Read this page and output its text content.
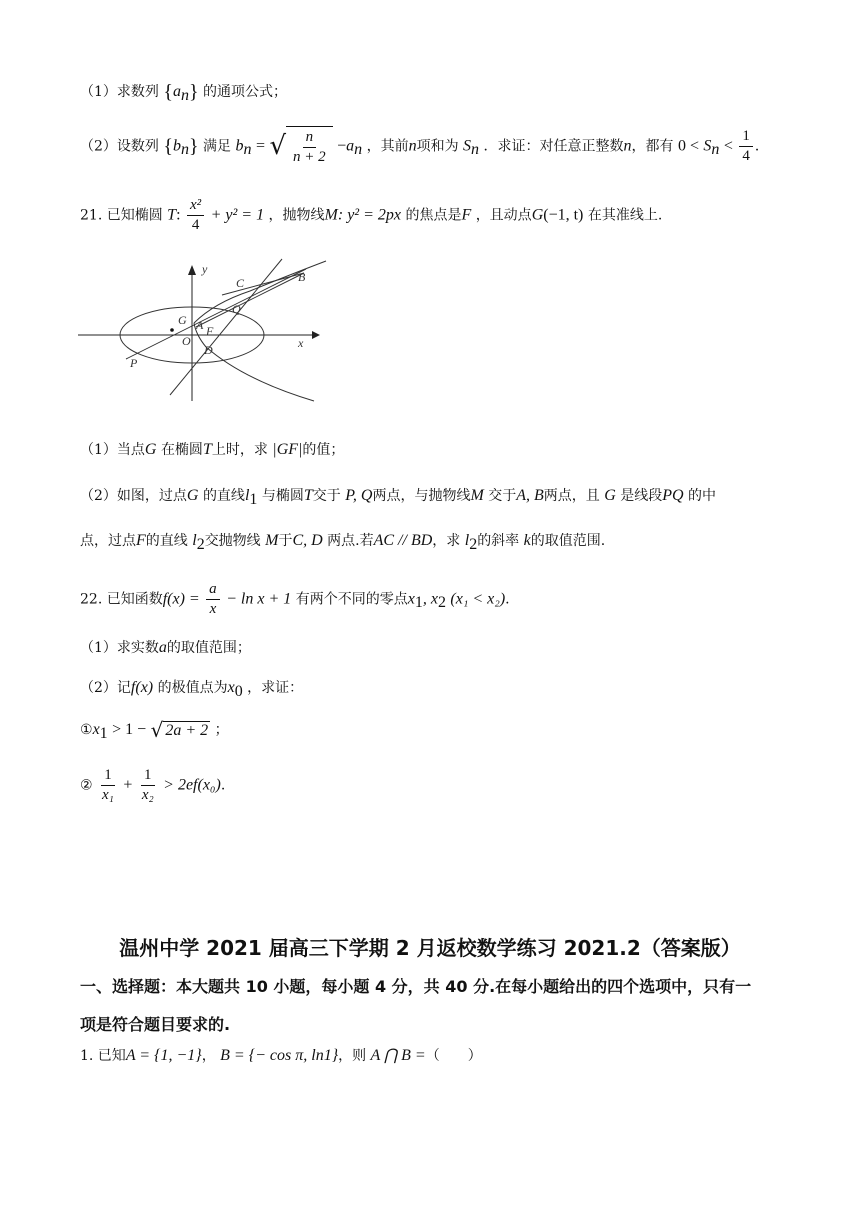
（1）求数列 $\{a_n\}$ 的通项公式；
（2）设数列 $\{b_n\}$ 满足 $b_n$ = √ $\frac{n}{n + 2} -a_n$ ，其前n项和为 $S_n$ ．求证：对任意正整数n，都有 $0 < S_n < \frac{1}{4}$ ．
21. 已知椭圆 T: $\frac{\text{x²}}{4} + y^2 = 1$ ，抛物线M: y² = 2px 的焦点是F ，且动点G(−1, t) 在其准线上.
y
x
C	B
Q
G A F
O
D
P
（1）当点G 在椭圆T上时，求 |GF|的值；
（2）如图，过点G 的直线$l_1$ 与椭圆T交于 P, Q两点，与抛物线M 交于A, B两点，且 G 是线段PQ 的中
点，过点F的直线 $l_2$交抛物线 M于C, D 两点.若AC // BD，求 $l_2$的斜率 k的取值范围.
22. 已知函数$f(x) = \frac{a}{x} - \ln x + 1$ 有两个不同的零点$x_1$, $x_2$ (x₁ < x₂).
（1）求实数a的取值范围；
（2）记f(x) 的极值点为$x_0$ ，求证：
$①x_1 > 1$ − √ 2a + 2 ；
② $\frac{1}{\text{x₁}} + \frac{1}{\text{x₂}} > 2ef(x_0)$.
温州中学 2021 届高三下学期 2 月返校数学练习 2021.2（答案版）
一、选择题：本大题共 10 小题，每小题 4 分，共 40 分.在每小题给出的四个选项中，只有一
项是符合题目要求的.
1. 已知A = {1, −1}， B = {− cos π, ln1}，则 A ⋂ B =（　　）
